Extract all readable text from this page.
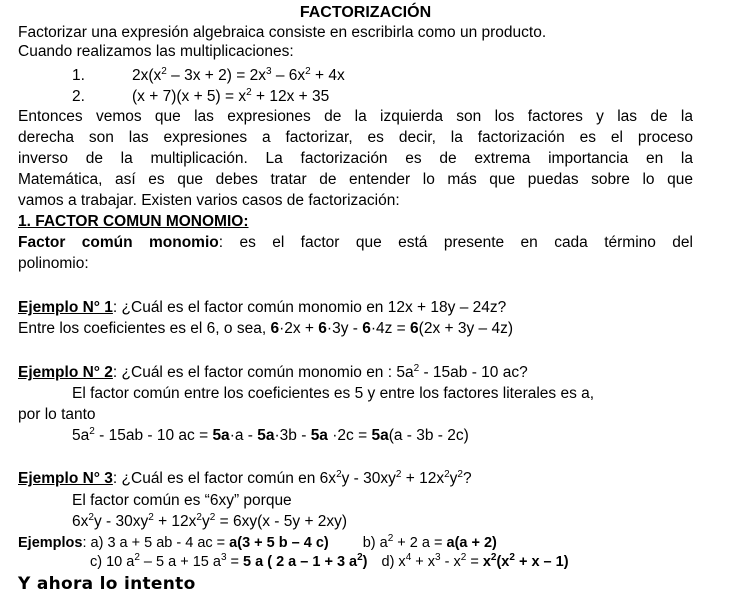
FACTORIZACIÓN
Factorizar una expresión algebraica consiste en escribirla como un producto.
Cuando realizamos las multiplicaciones:
1.	$2x(x^2 - 3x + 2) = 2x^3 - 6x^2 + 4x$
2.	$(x + 7)(x + 5) = x^2 + 12x + 35$
Entonces vemos que las expresiones de la izquierda son los factores y las de la
derecha son las expresiones a factorizar, es decir, la factorización es el proceso
inverso de la multiplicación. La factorización es de extrema importancia en la
Matemática, así es que debes tratar de entender lo más que puedas sobre lo que
vamos a trabajar. Existen varios casos de factorización:
1. FACTOR COMUN MONOMIO:
Factor común monomio: es el factor que está presente en cada término del
polinomio:
Ejemplo N° 1: ¿Cuál es el factor común monomio en 12x + 18y – 24z?
Entre los coeficientes es el 6, o sea, 6·2x + 6·3y - 6·4z = 6(2x + 3y – 4z)
Ejemplo N° 2: ¿Cuál es el factor común monomio en : $5a^2 - 15ab - 10$ ac?
El factor común entre los coeficientes es 5 y entre los factores literales es a,
por lo tanto
$5a^2 - 15ab - 10$ ac = 5a·a - 5a·3b - 5a ·2c = 5a(a - 3b - 2c)
Ejemplo N° 3: ¿Cuál es el factor común en $6x^2y - 30xy^2 + 12x^2y^2$?
El factor común es “6xy” porque
$6x^2y - 30xy^2 + 12x^2y^2 = 6xy(x - 5y + 2xy)$
Ejemplos: a) 3 a + 5 ab - 4 ac = a(3 + 5 b – 4 c) b) $a^2 + 2$ a = a(a + 2)
c) 10 $a^2 - 5$ a + 15 $a^3 = 5$ a ( 2 a – 1 + 3 $a^2$) d) $x^4 + x^3 - x^2 = x^2(x^2 + x - 1)$
Y ahora lo intento
